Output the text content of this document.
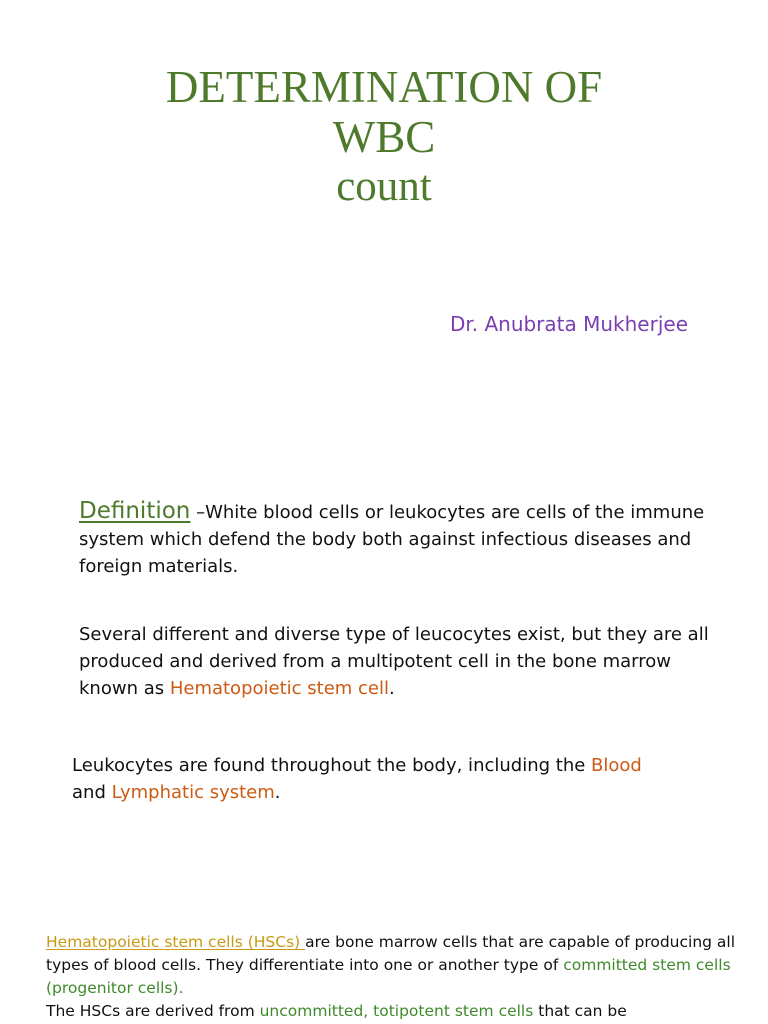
DETERMINATION OF
WBC
count
Dr. Anubrata Mukherjee

Definition –White blood cells or leukocytes are cells of the immune system which defend the body both against infectious diseases and foreign materials.

Several different and diverse type of leucocytes exist, but they are all produced and derived from a multipotent cell in the bone marrow known as Hematopoietic stem cell.

Leukocytes are found throughout the body, including the Blood
and Lymphatic system.

Hematopoietic stem cells (HSCs) are bone marrow cells that are capable of producing all types of blood cells. They differentiate into one or another type of committed stem cells (progenitor cells).
The HSCs are derived from uncommitted, totipotent stem cells that can be
